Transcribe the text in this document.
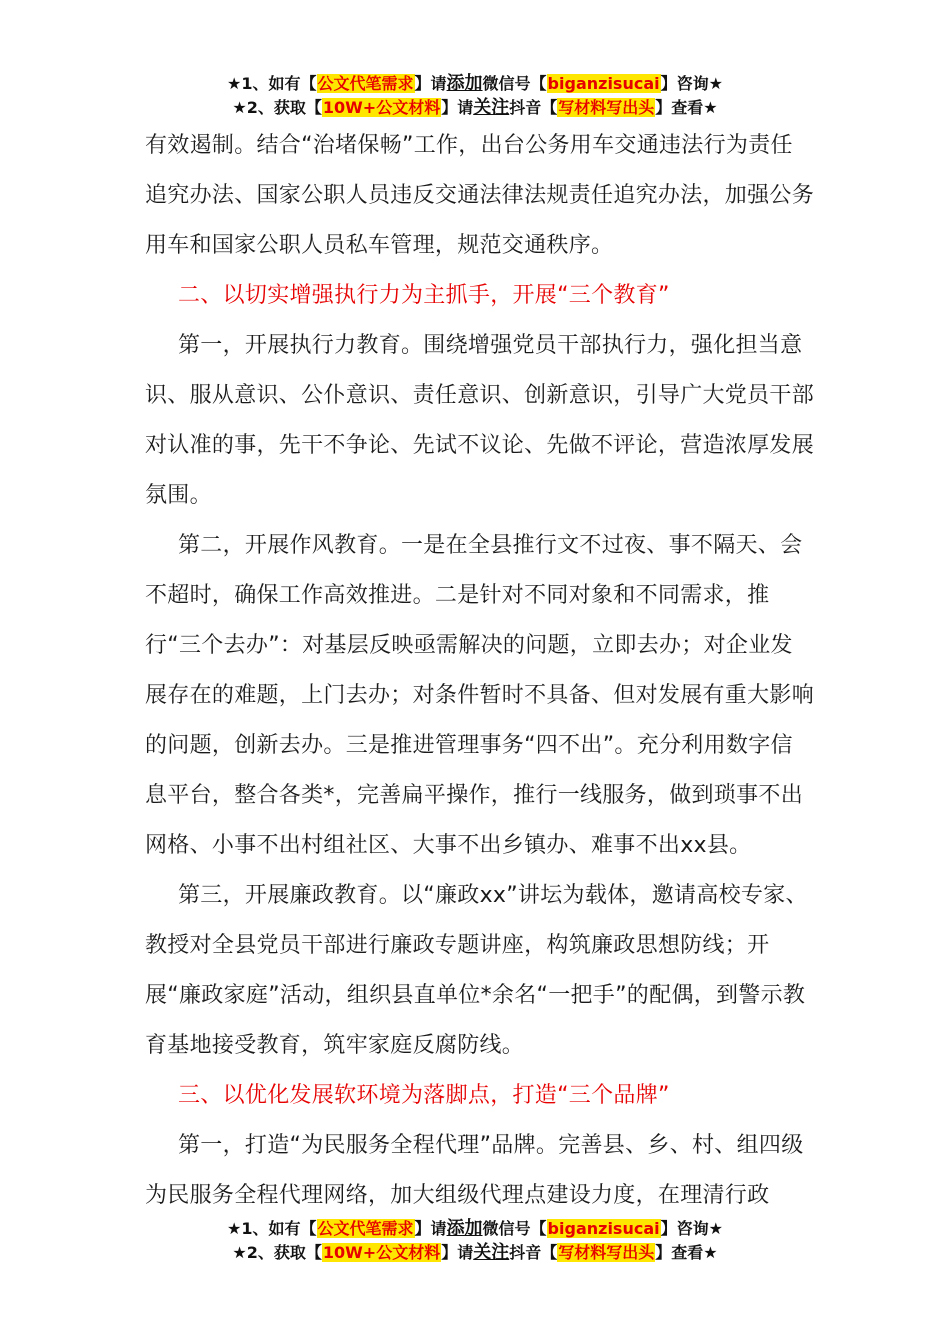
★1、如有【公文代笔需求】请添加微信号【biganzisucai】咨询★
★2、获取【10W+公文材料】请关注抖音【写材料写出头】查看★

有效遏制。结合“治堵保畅”工作，出台公务用车交通违法行为责任追究办法、国家公职人员违反交通法律法规责任追究办法，加强公务用车和国家公职人员私车管理，规范交通秩序。

二、以切实增强执行力为主抓手，开展“三个教育”

第一，开展执行力教育。围绕增强党员干部执行力，强化担当意识、服从意识、公仆意识、责任意识、创新意识，引导广大党员干部对认准的事，先干不争论、先试不议论、先做不评论，营造浓厚发展氛围。

第二，开展作风教育。一是在全县推行文不过夜、事不隔天、会不超时，确保工作高效推进。二是针对不同对象和不同需求，推行“三个去办”：对基层反映亟需解决的问题，立即去办；对企业发展存在的难题，上门去办；对条件暂时不具备、但对发展有重大影响的问题，创新去办。三是推进管理事务“四不出”。充分利用数字信息平台，整合各类*，完善扁平操作，推行一线服务，做到琐事不出网格、小事不出村组社区、大事不出乡镇办、难事不出xx县。

第三，开展廉政教育。以“廉政xx”讲坛为载体，邀请高校专家、教授对全县党员干部进行廉政专题讲座，构筑廉政思想防线；开展“廉政家庭”活动，组织县直单位*余名“一把手”的配偶，到警示教育基地接受教育，筑牢家庭反腐防线。

三、以优化发展软环境为落脚点，打造“三个品牌”

第一，打造“为民服务全程代理”品牌。完善县、乡、村、组四级为民服务全程代理网络，加大组级代理点建设力度，在理清行政

★1、如有【公文代笔需求】请添加微信号【biganzisucai】咨询★
★2、获取【10W+公文材料】请关注抖音【写材料写出头】查看★
